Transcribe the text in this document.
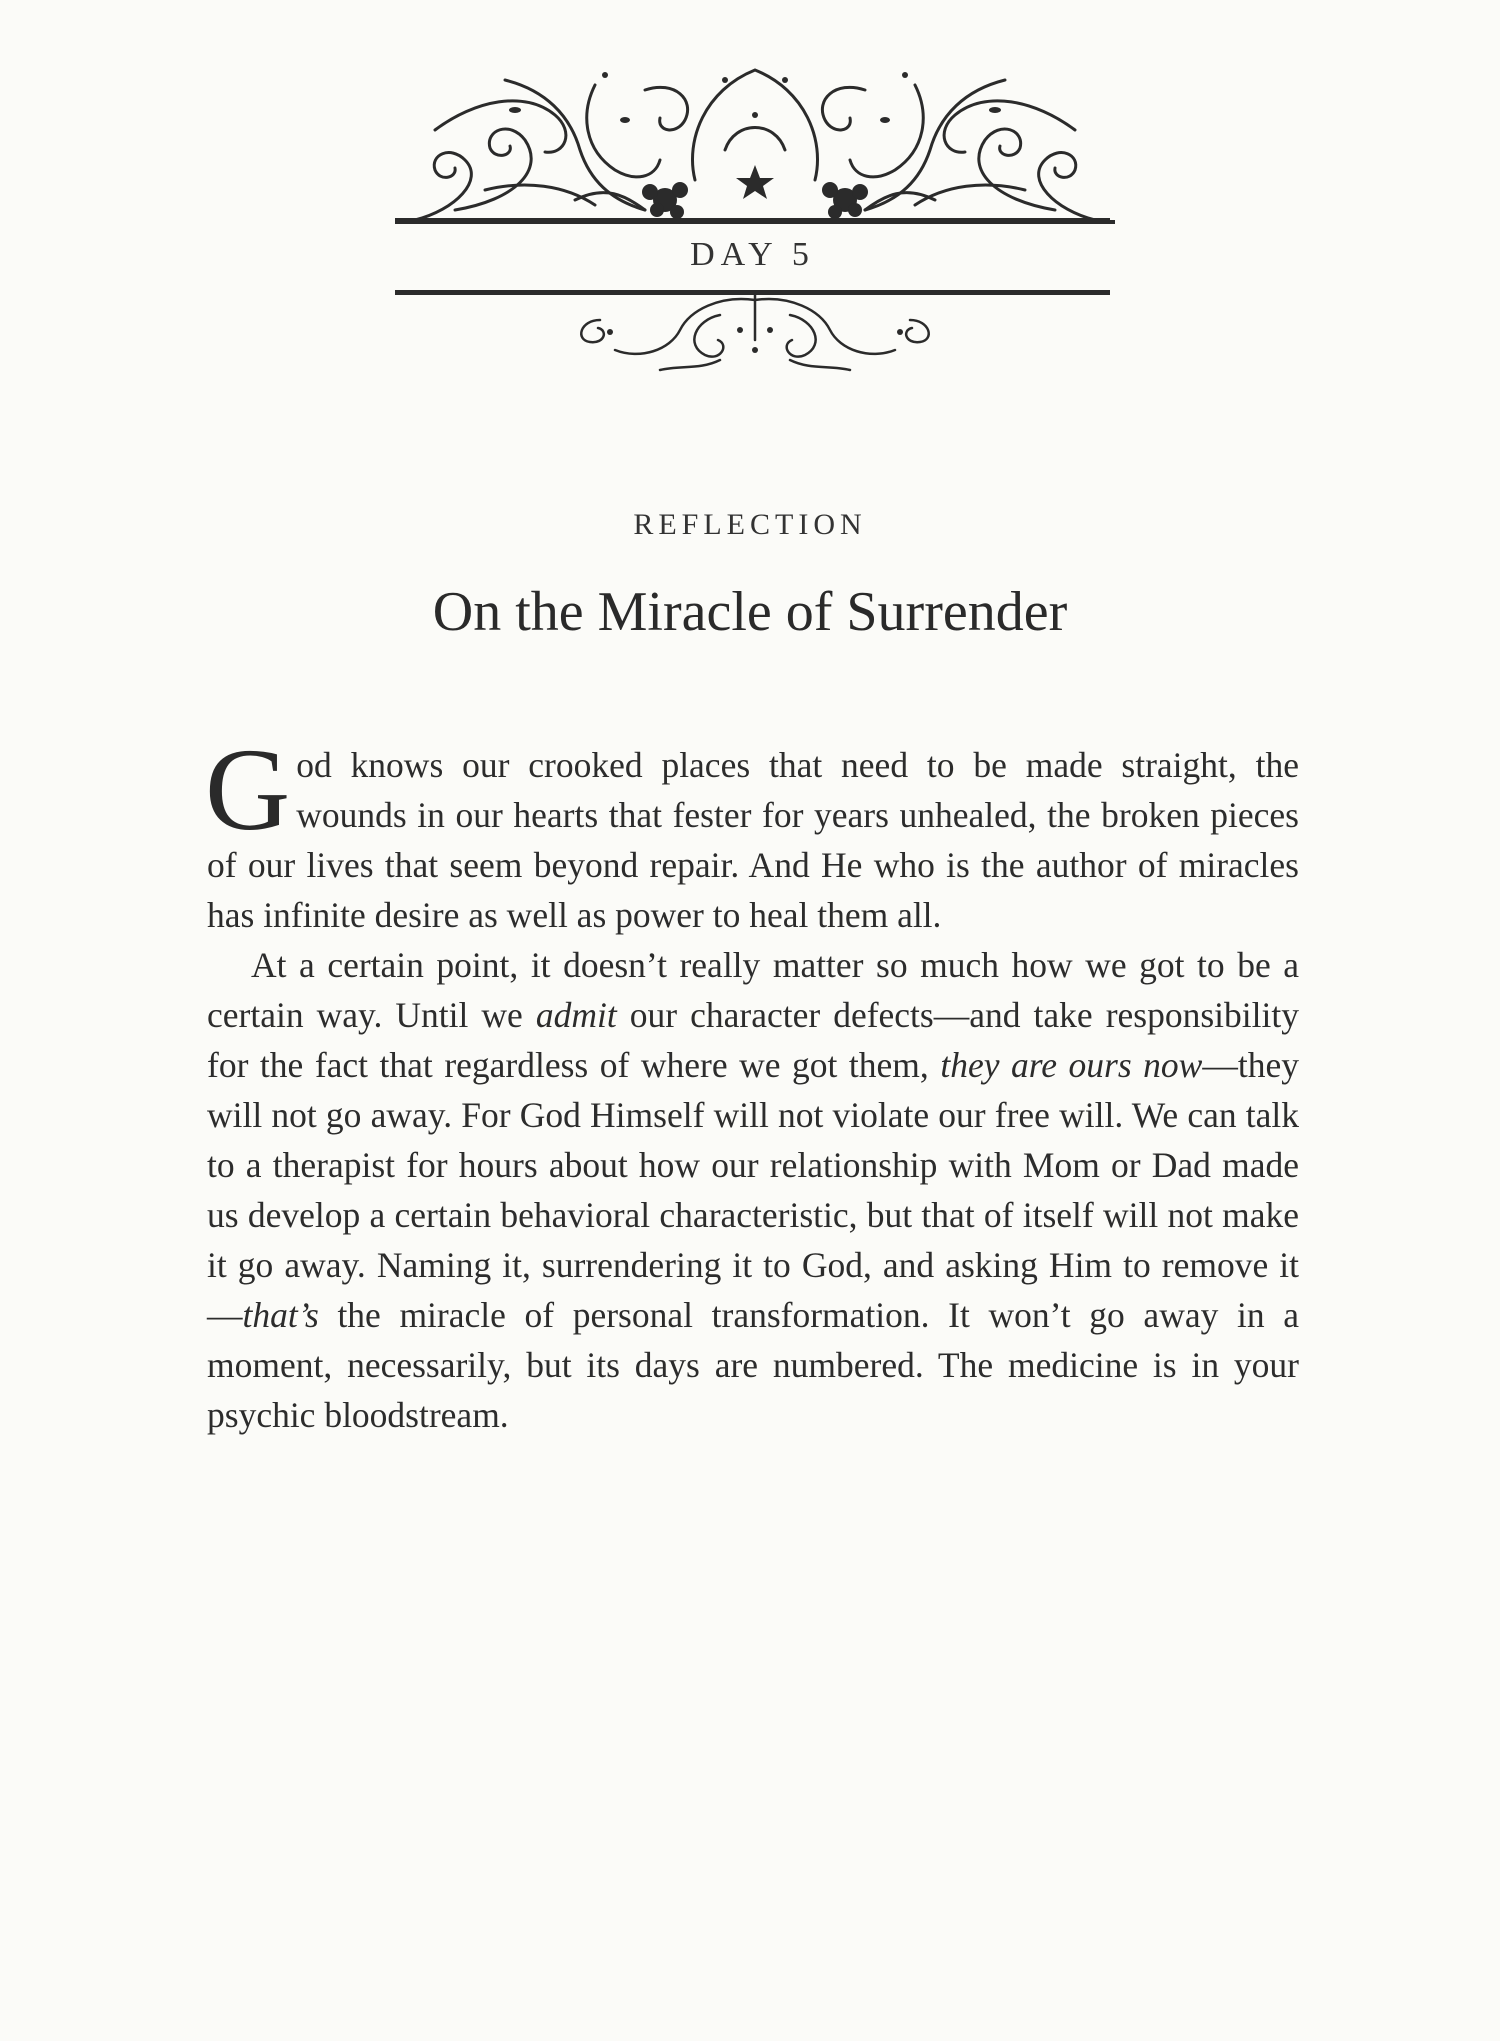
DAY 5
REFLECTION
On the Miracle of Surrender

God knows our crooked places that need to be made straight, the wounds in our hearts that fester for years unhealed, the broken pieces of our lives that seem beyond repair. And He who is the author of miracles has infinite desire as well as power to heal them all.

At a certain point, it doesn’t really matter so much how we got to be a certain way. Until we admit our character defects—and take responsibility for the fact that regardless of where we got them, they are ours now—they will not go away. For God Himself will not violate our free will. We can talk to a therapist for hours about how our relationship with Mom or Dad made us develop a certain behavioral characteristic, but that of itself will not make it go away. Naming it, surrendering it to God, and asking Him to remove it—that’s the miracle of personal transformation. It won’t go away in a moment, necessarily, but its days are numbered. The medicine is in your psychic bloodstream.
